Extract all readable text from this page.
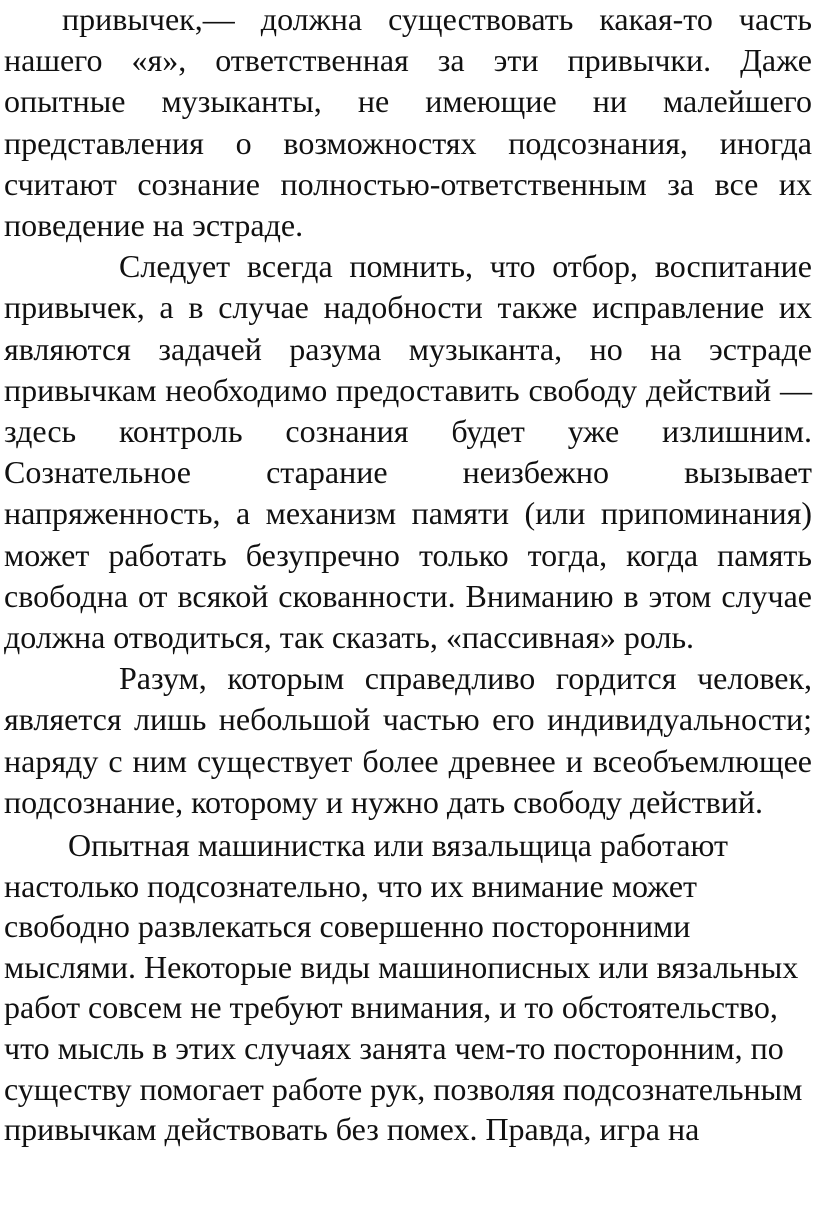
привычек,— должна существовать какая-то часть нашего «я», ответственная за эти привычки. Даже опытные музыканты, не имеющие ни малейшего представления о возможностях подсознания, иногда считают сознание полностью-ответственным за все их поведение на эстраде.

Следует всегда помнить, что отбор, воспитание привычек, а в случае надобности также исправление их являются задачей разума музыканта, но на эстраде привычкам необходимо предоставить свободу действий — здесь контроль сознания будет уже излишним. Сознательное старание неизбежно вызывает напряженность, а механизм памяти (или припоминания) может работать безупречно только тогда, когда память свободна от всякой скованности. Вниманию в этом случае должна отводиться, так сказать, «пассивная» роль.

Разум, которым справедливо гордится человек, является лишь небольшой частью его индивидуальности; наряду с ним существует более древнее и всеобъемлющее подсознание, которому и нужно дать свободу действий.

Опытная машинистка или вязальщица работают настолько подсознательно, что их внимание может свободно развлекаться совершенно посторонними мыслями. Некоторые виды машинописных или вязальных работ совсем не требуют внимания, и то обстоятельство, что мысль в этих случаях занята чем-то посторонним, по существу помогает работе рук, позволяя подсознательным привычкам действовать без помех. Правда, игра на
